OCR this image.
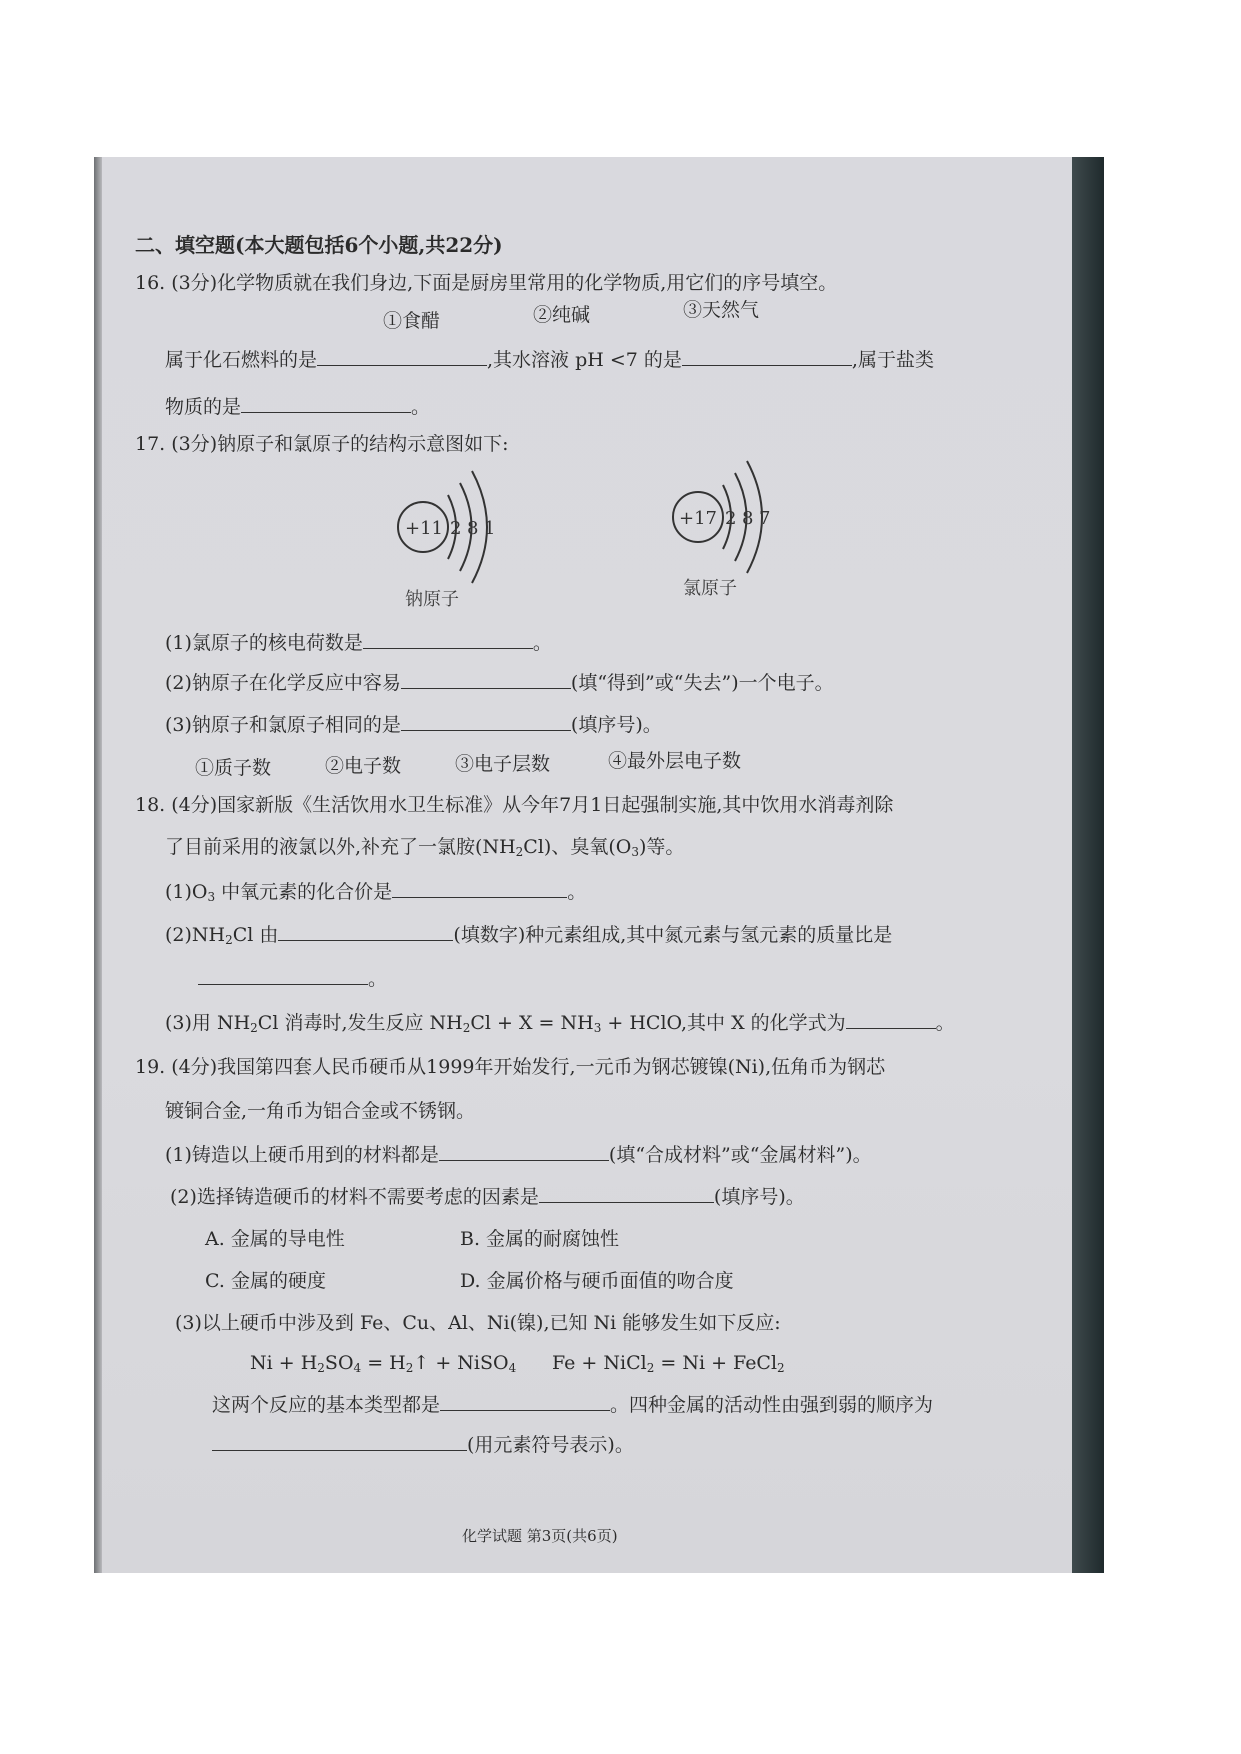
二、填空题(本大题包括6个小题,共22分)
16. (3分)化学物质就在我们身边,下面是厨房里常用的化学物质,用它们的序号填空。
①食醋	②纯碱	③天然气
属于化石燃料的是	,其水溶液 pH <7 的是	,属于盐类
物质的是	。
17. (3分)钠原子和氯原子的结构示意图如下:
+11 2 8 1	+17 2 8 7
钠原子
氯原子
(1)氯原子的核电荷数是	。
(2)钠原子在化学反应中容易	(填“得到”或“失去”)一个电子。
(3)钠原子和氯原子相同的是	(填序号)。
①质子数	②电子数	③电子层数	④最外层电子数
18. (4分)国家新版《生活饮用水卫生标准》从今年7月1日起强制实施,其中饮用水消毒剂除
了目前采用的液氯以外,补充了一氯胺$(NH_2Cl)$、臭氧$(O_3)$等。
$(1)O_3$ 中氧元素的化合价是	。
$(2)NH_2Cl$ 由	(填数字)种元素组成,其中氮元素与氢元素的质量比是
。
(3)用 $NH_2Cl$ 消毒时,发生反应 $NH_2Cl + X = NH_3$ + HClO,其中 X 的化学式为	。
19. (4分)我国第四套人民币硬币从1999年开始发行,一元币为钢芯镀镍(Ni),伍角币为钢芯
镀铜合金,一角币为铝合金或不锈钢。
(1)铸造以上硬币用到的材料都是	(填“合成材料”或“金属材料”)。
(2)选择铸造硬币的材料不需要考虑的因素是	(填序号)。
A. 金属的导电性	B. 金属的耐腐蚀性
C. 金属的硬度	D. 金属价格与硬币面值的吻合度
(3)以上硬币中涉及到 Fe、Cu、Al、Ni(镍),已知 Ni 能够发生如下反应:
$Ni + H_2SO_4$ = $H_2↑$ + NiSO$_4$ Fe + NiCl$_2$ = Ni + FeCl$_2$
这两个反应的基本类型都是	。四种金属的活动性由强到弱的顺序为
(用元素符号表示)。
化学试题 第3页(共6页)
